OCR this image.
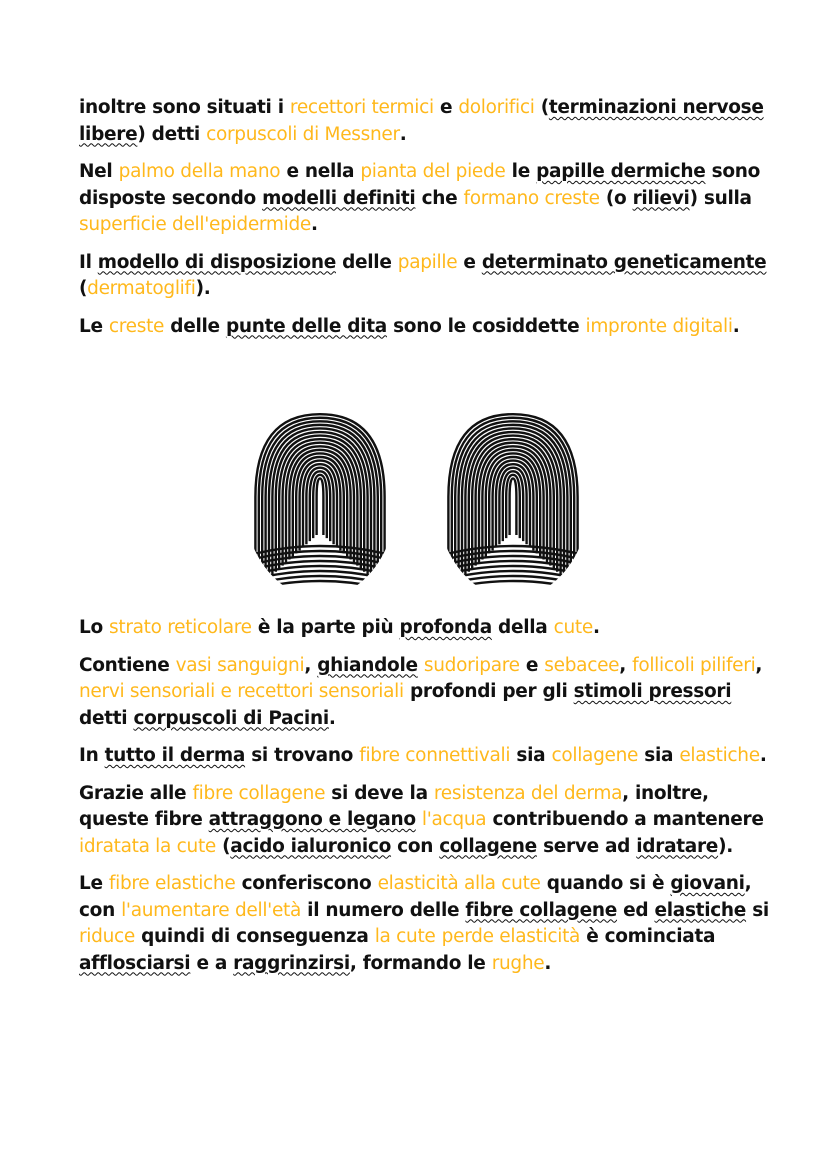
inoltre sono situati i recettori termici e dolorifici (terminazioni nervose libere) detti corpuscoli di Messner.

Nel palmo della mano e nella pianta del piede le papille dermiche sono disposte secondo modelli definiti che formano creste (o rilievi) sulla superficie dell'epidermide.

Il modello di disposizione delle papille e determinato geneticamente (dermatoglifi).

Le creste delle punte delle dita sono le cosiddette impronte digitali.

Lo strato reticolare è la parte più profonda della cute.

Contiene vasi sanguigni, ghiandole sudoripare e sebacee, follicoli piliferi, nervi sensoriali e recettori sensoriali profondi per gli stimoli pressori detti corpuscoli di Pacini.

In tutto il derma si trovano fibre connettivali sia collagene sia elastiche.

Grazie alle fibre collagene si deve la resistenza del derma, inoltre, queste fibre attraggono e legano l'acqua contribuendo a mantenere idratata la cute (acido ialuronico con collagene serve ad idratare).

Le fibre elastiche conferiscono elasticità alla cute quando si è giovani, con l'aumentare dell'età il numero delle fibre collagene ed elastiche si riduce quindi di conseguenza la cute perde elasticità è cominciata afflosciarsi e a raggrinzirsi, formando le rughe.
